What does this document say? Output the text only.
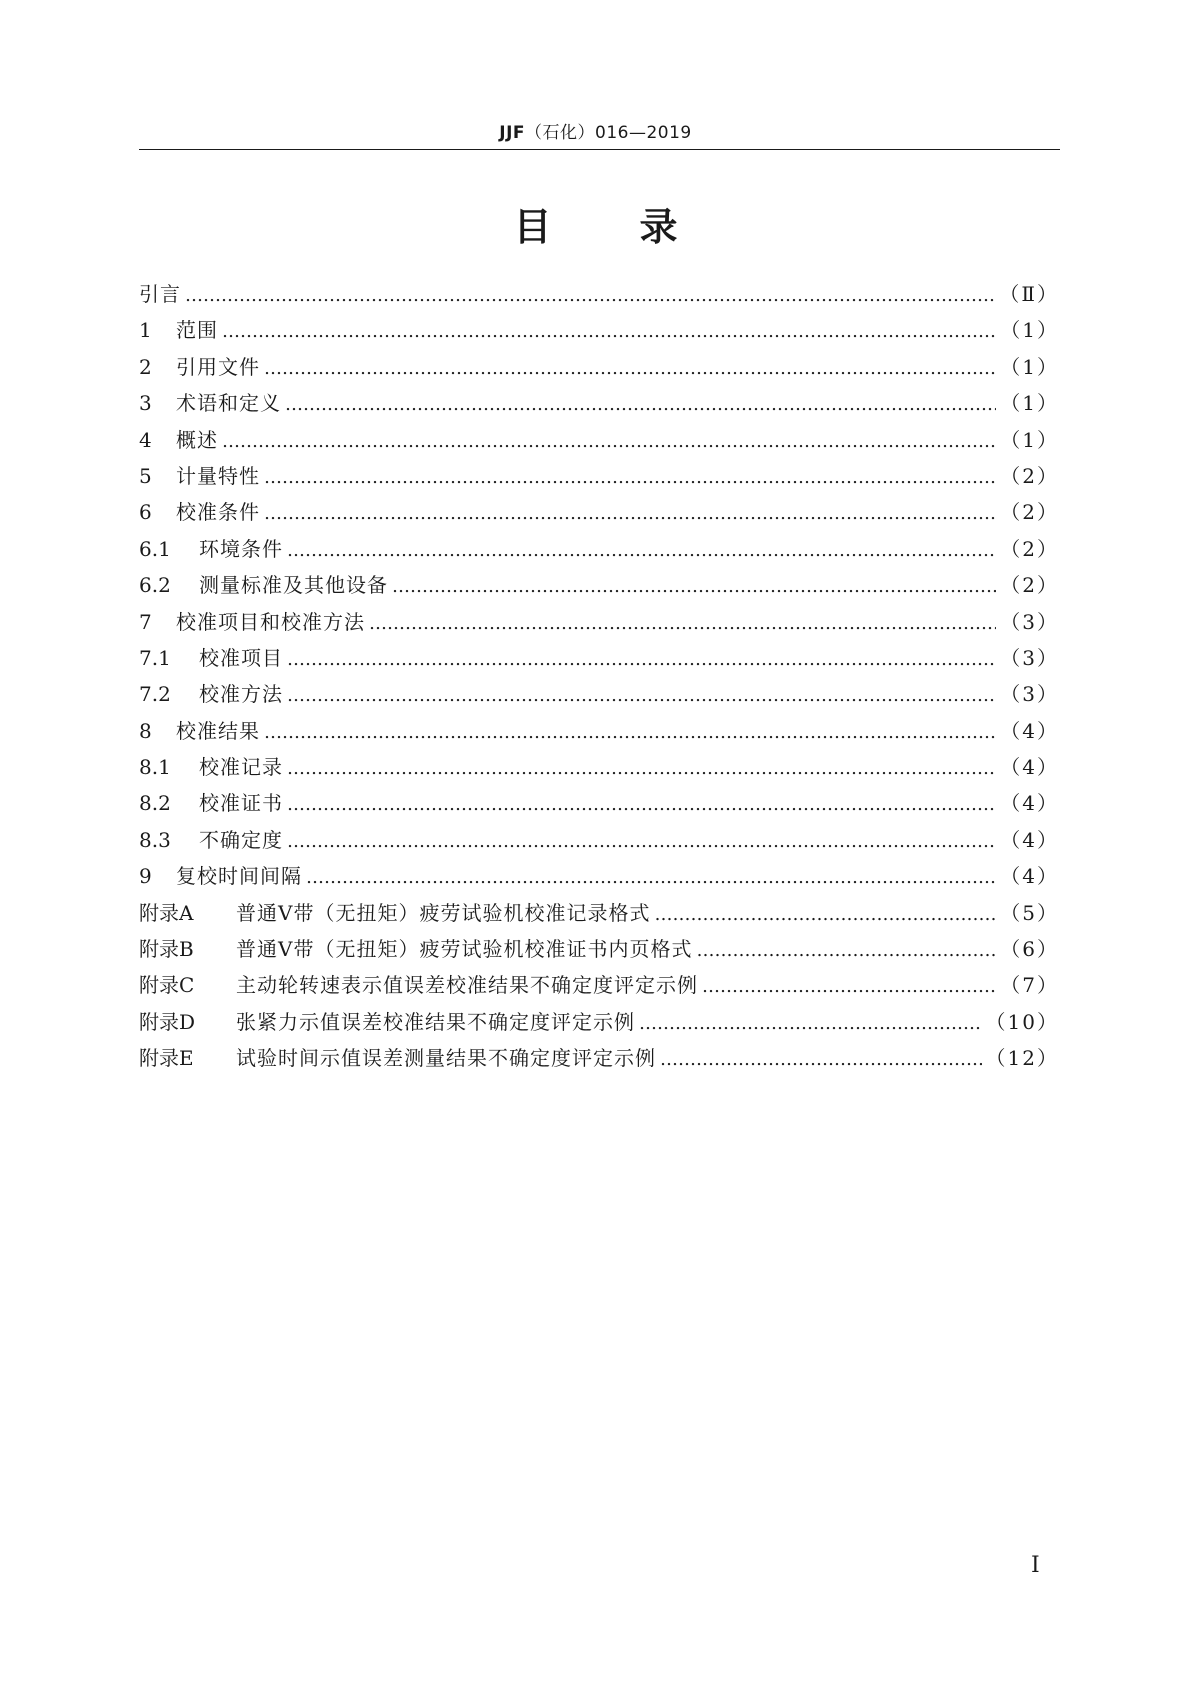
JJF（石化）016—2019
目 录
引言 ……………………………………………………………………………………………………………………………………………………………………………………	（Ⅱ）
1	范围 ……………………………………………………………………………………………………………………………………………………………………………………	（1）
2	引用文件 ……………………………………………………………………………………………………………………………………………………………………………………	（1）
3	术语和定义 ……………………………………………………………………………………………………………………………………………………………………………………	（1）
4	概述 ……………………………………………………………………………………………………………………………………………………………………………………	（1）
5	计量特性 ……………………………………………………………………………………………………………………………………………………………………………………	（2）
6	校准条件 ……………………………………………………………………………………………………………………………………………………………………………………	（2）
6.1	环境条件 ……………………………………………………………………………………………………………………………………………………………………………………	（2）
6.2	测量标准及其他设备 ……………………………………………………………………………………………………………………………………………………………………………………	（2）
7	校准项目和校准方法 ……………………………………………………………………………………………………………………………………………………………………………………	（3）
7.1	校准项目 ……………………………………………………………………………………………………………………………………………………………………………………	（3）
7.2	校准方法 ……………………………………………………………………………………………………………………………………………………………………………………	（3）
8	校准结果 ……………………………………………………………………………………………………………………………………………………………………………………	（4）
8.1	校准记录 ……………………………………………………………………………………………………………………………………………………………………………………	（4）
8.2	校准证书 ……………………………………………………………………………………………………………………………………………………………………………………	（4）
8.3	不确定度 ……………………………………………………………………………………………………………………………………………………………………………………	（4）
9	复校时间间隔 ……………………………………………………………………………………………………………………………………………………………………………………	（4）
附录A	普通V带（无扭矩）疲劳试验机校准记录格式 ……………………………………………………………………………………………………………………………………………………………………………………	（5）
附录B	普通V带（无扭矩）疲劳试验机校准证书内页格式 ……………………………………………………………………………………………………………………………………………………………………………………	（6）
附录C	主动轮转速表示值误差校准结果不确定度评定示例 ……………………………………………………………………………………………………………………………………………………………………………………	（7）
附录D	张紧力示值误差校准结果不确定度评定示例 ……………………………………………………………………………………………………………………………………………………………………………………	（10）
附录E	试验时间示值误差测量结果不确定度评定示例 ……………………………………………………………………………………………………………………………………………………………………………………	（12）
Ⅰ
